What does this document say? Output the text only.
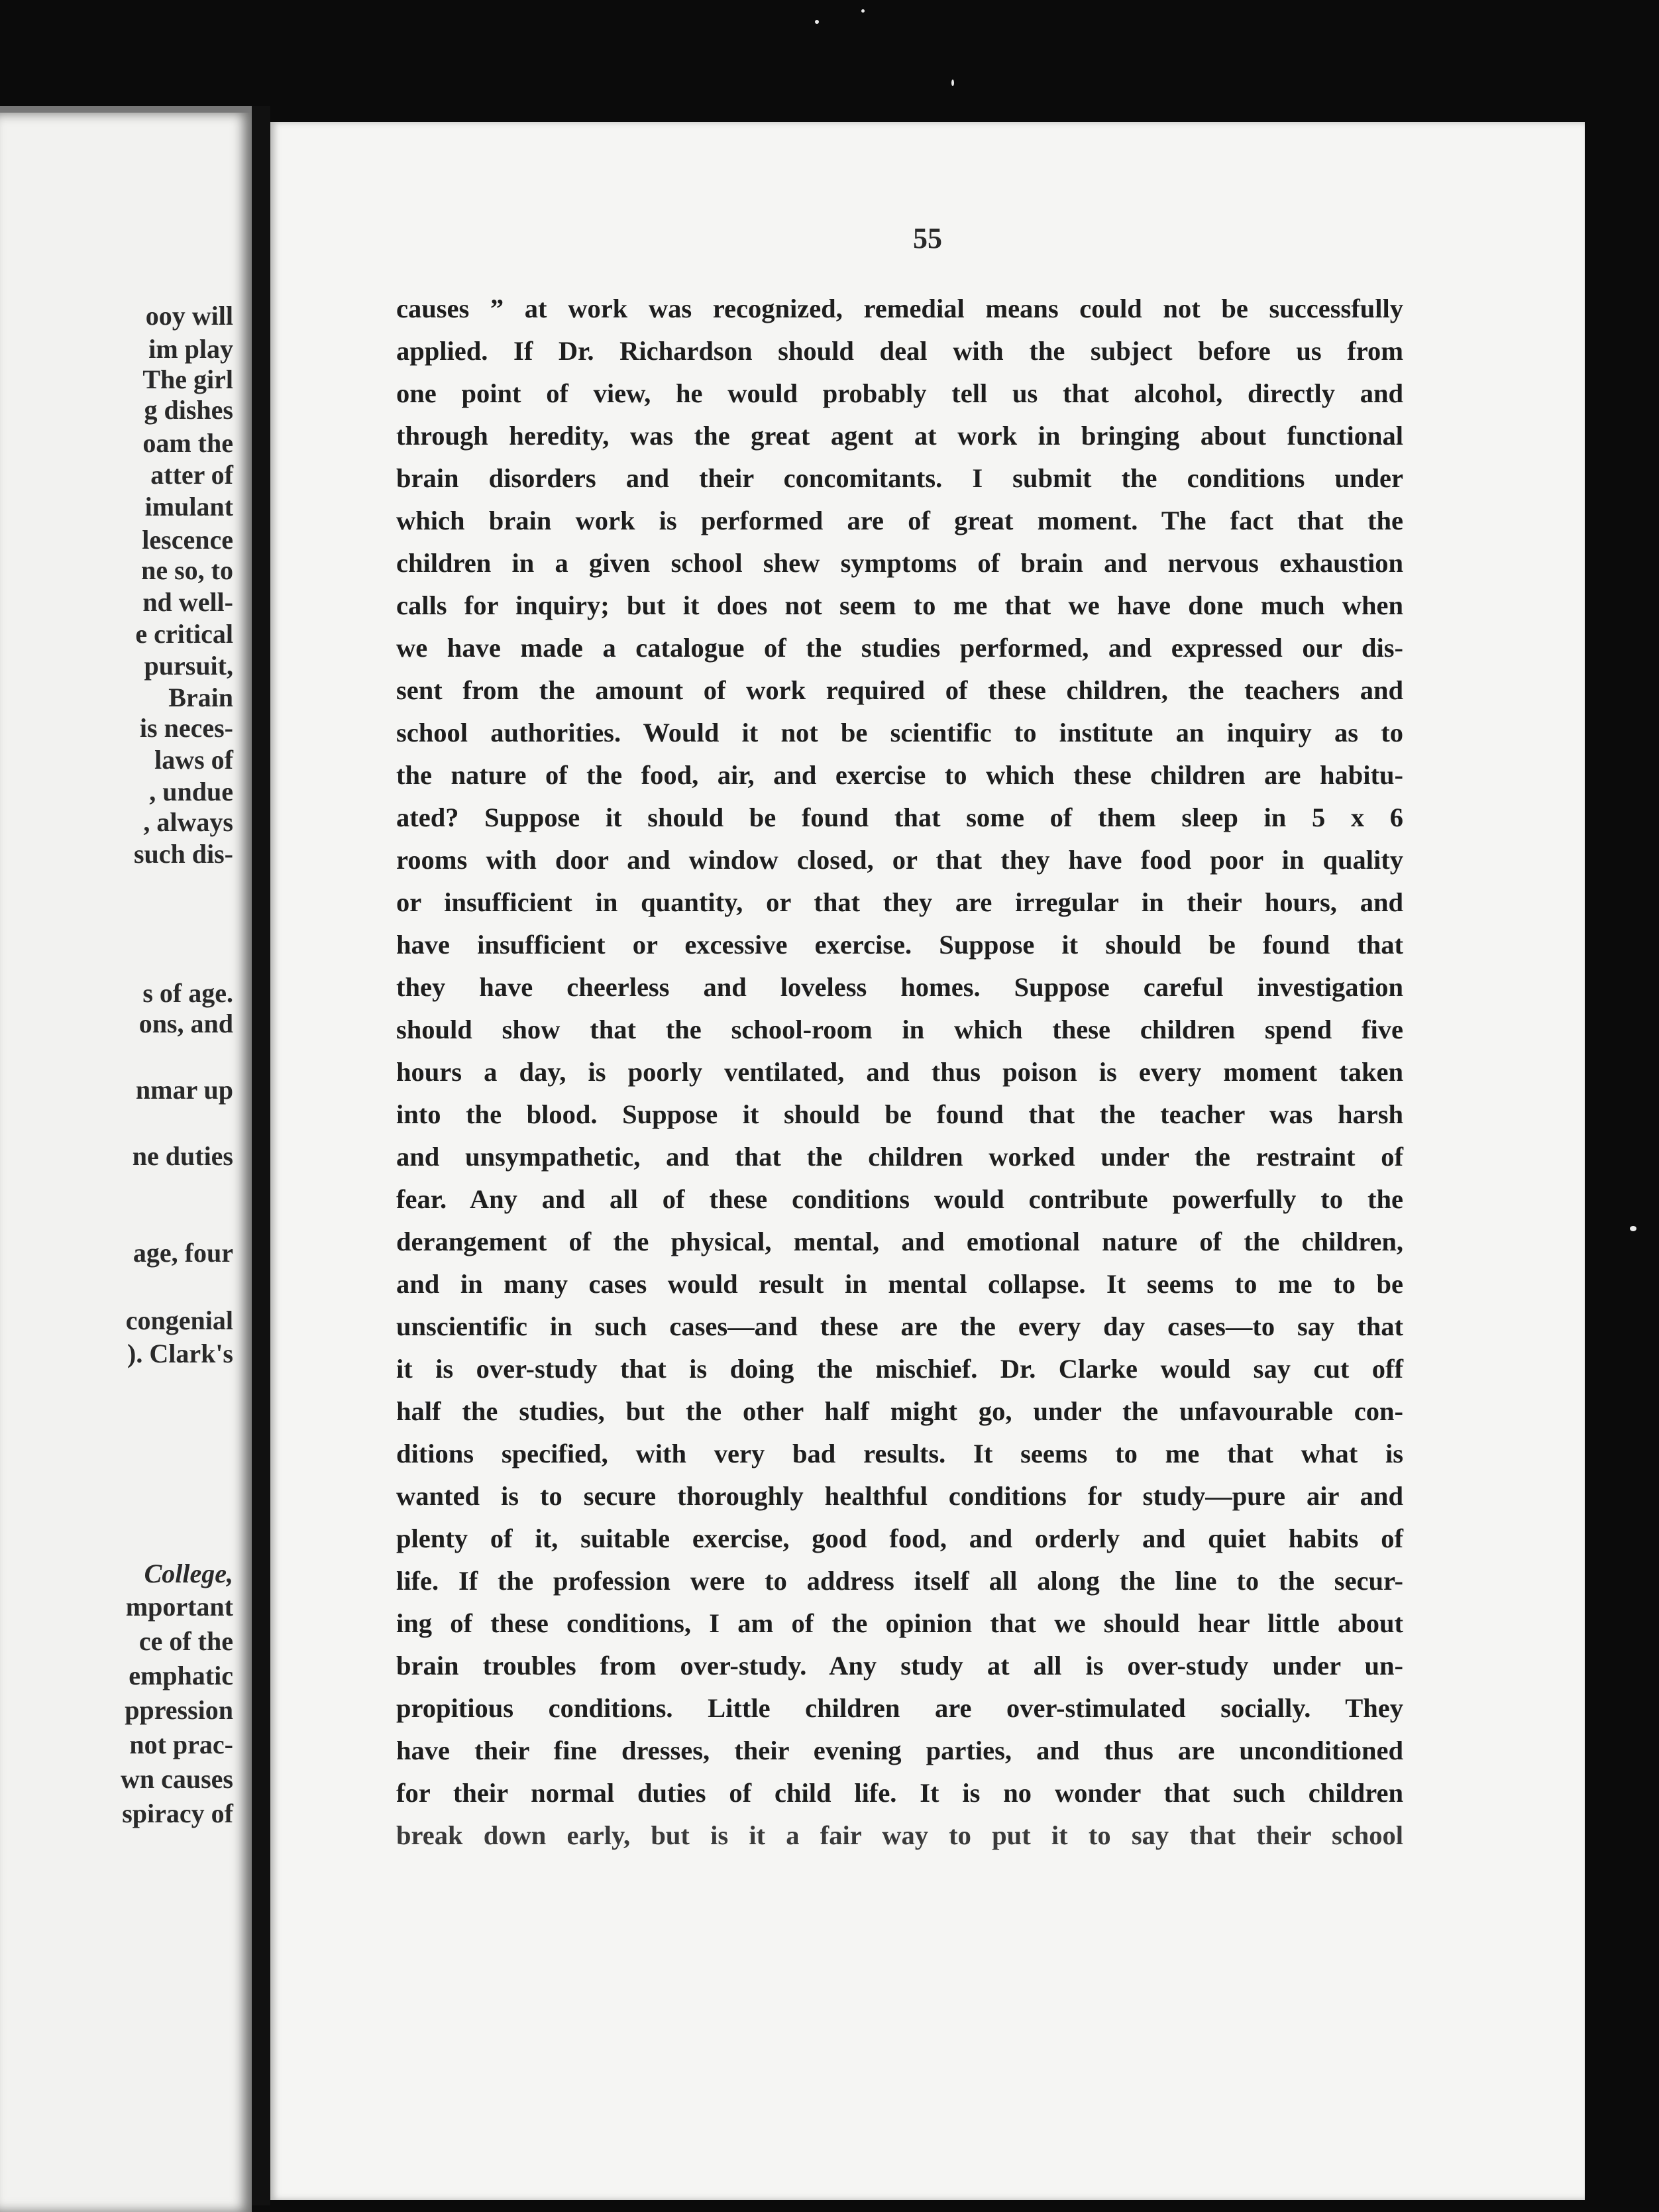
ooy will
im play
The girl
g dishes
oam the
atter of
imulant
lescence
ne so, to
nd well-
e critical
pursuit,
Brain
is neces-
laws of
, undue
, always
such dis-
s of age.
ons, and
nmar up
ne duties
age, four
congenial
). Clark's
College,
mportant
ce of the
emphatic
ppression
not prac-
wn causes
spiracy of
55
causes ” at work was recognized, remedial means could not be successfully
applied. If Dr. Richardson should deal with the subject before us from
one point of view, he would probably tell us that alcohol, directly and
through heredity, was the great agent at work in bringing about functional
brain disorders and their concomitants. I submit the conditions under
which brain work is performed are of great moment. The fact that the
children in a given school shew symptoms of brain and nervous exhaustion
calls for inquiry; but it does not seem to me that we have done much when
we have made a catalogue of the studies performed, and expressed our dis-
sent from the amount of work required of these children, the teachers and
school authorities. Would it not be scientific to institute an inquiry as to
the nature of the food, air, and exercise to which these children are habitu-
ated? Suppose it should be found that some of them sleep in 5 x 6
rooms with door and window closed, or that they have food poor in quality
or insufficient in quantity, or that they are irregular in their hours, and
have insufficient or excessive exercise. Suppose it should be found that
they have cheerless and loveless homes. Suppose careful investigation
should show that the school-room in which these children spend five
hours a day, is poorly ventilated, and thus poison is every moment taken
into the blood. Suppose it should be found that the teacher was harsh
and unsympathetic, and that the children worked under the restraint of
fear. Any and all of these conditions would contribute powerfully to the
derangement of the physical, mental, and emotional nature of the children,
and in many cases would result in mental collapse. It seems to me to be
unscientific in such cases—and these are the every day cases—to say that
it is over-study that is doing the mischief. Dr. Clarke would say cut off
half the studies, but the other half might go, under the unfavourable con-
ditions specified, with very bad results. It seems to me that what is
wanted is to secure thoroughly healthful conditions for study—pure air and
plenty of it, suitable exercise, good food, and orderly and quiet habits of
life. If the profession were to address itself all along the line to the secur-
ing of these conditions, I am of the opinion that we should hear little about
brain troubles from over-study. Any study at all is over-study under un-
propitious conditions. Little children are over-stimulated socially. They
have their fine dresses, their evening parties, and thus are unconditioned
for their normal duties of child life. It is no wonder that such children
break down early, but is it a fair way to put it to say that their school
